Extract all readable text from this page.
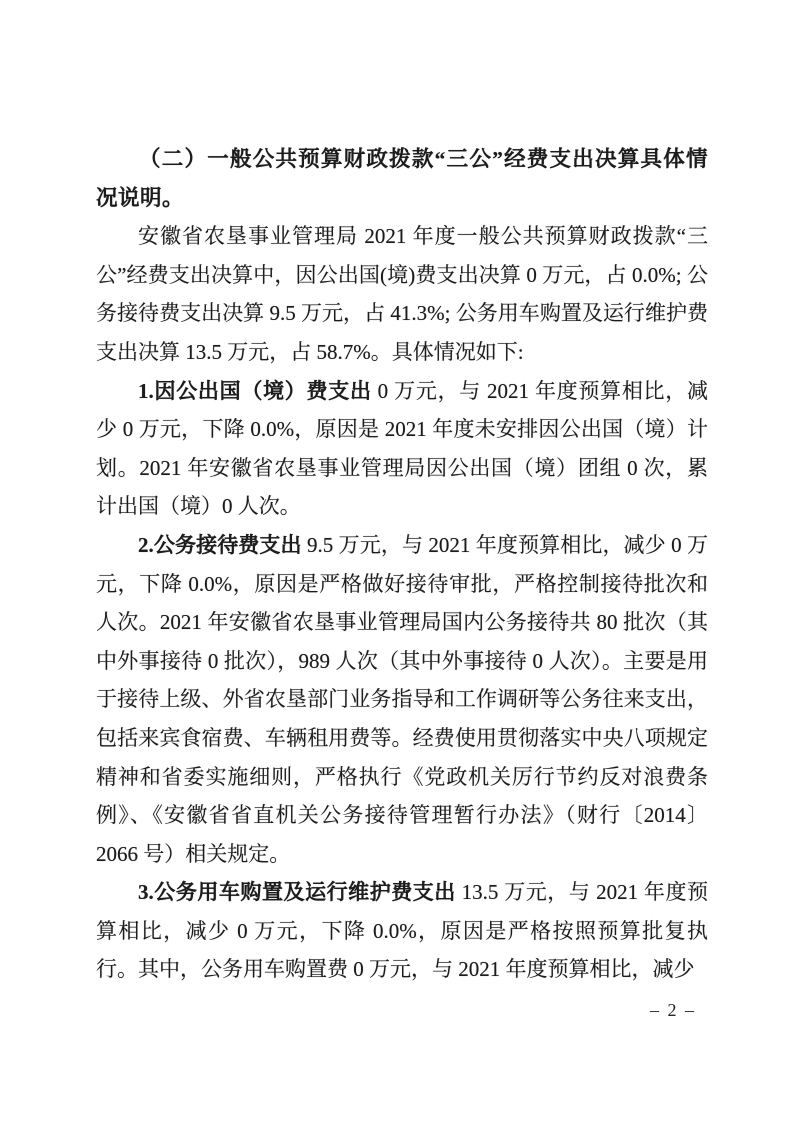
（二）一般公共预算财政拨款“三公”经费支出决算具体情况说明。

安徽省农垦事业管理局 2021 年度一般公共预算财政拨款“三公”经费支出决算中，因公出国(境)费支出决算 0 万元，占 0.0%; 公务接待费支出决算 9.5 万元，占 41.3%; 公务用车购置及运行维护费支出决算 13.5 万元，占 58.7%。具体情况如下:

1.因公出国（境）费支出 0 万元，与 2021 年度预算相比，减少 0 万元，下降 0.0%，原因是 2021 年度未安排因公出国（境）计划。2021 年安徽省农垦事业管理局因公出国（境）团组 0 次，累计出国（境）0 人次。

2.公务接待费支出 9.5 万元，与 2021 年度预算相比，减少 0 万元，下降 0.0%，原因是严格做好接待审批，严格控制接待批次和人次。2021 年安徽省农垦事业管理局国内公务接待共 80 批次（其中外事接待 0 批次），989 人次（其中外事接待 0 人次）。主要是用于接待上级、外省农垦部门业务指导和工作调研等公务往来支出，包括来宾食宿费、车辆租用费等。经费使用贯彻落实中央八项规定精神和省委实施细则，严格执行《党政机关厉行节约反对浪费条例》、《安徽省省直机关公务接待管理暂行办法》（财行〔2014〕2066 号）相关规定。

3.公务用车购置及运行维护费支出 13.5 万元，与 2021 年度预算相比，减少 0 万元，下降 0.0%，原因是严格按照预算批复执行。其中，公务用车购置费 0 万元，与 2021 年度预算相比，减少

– 2 –
